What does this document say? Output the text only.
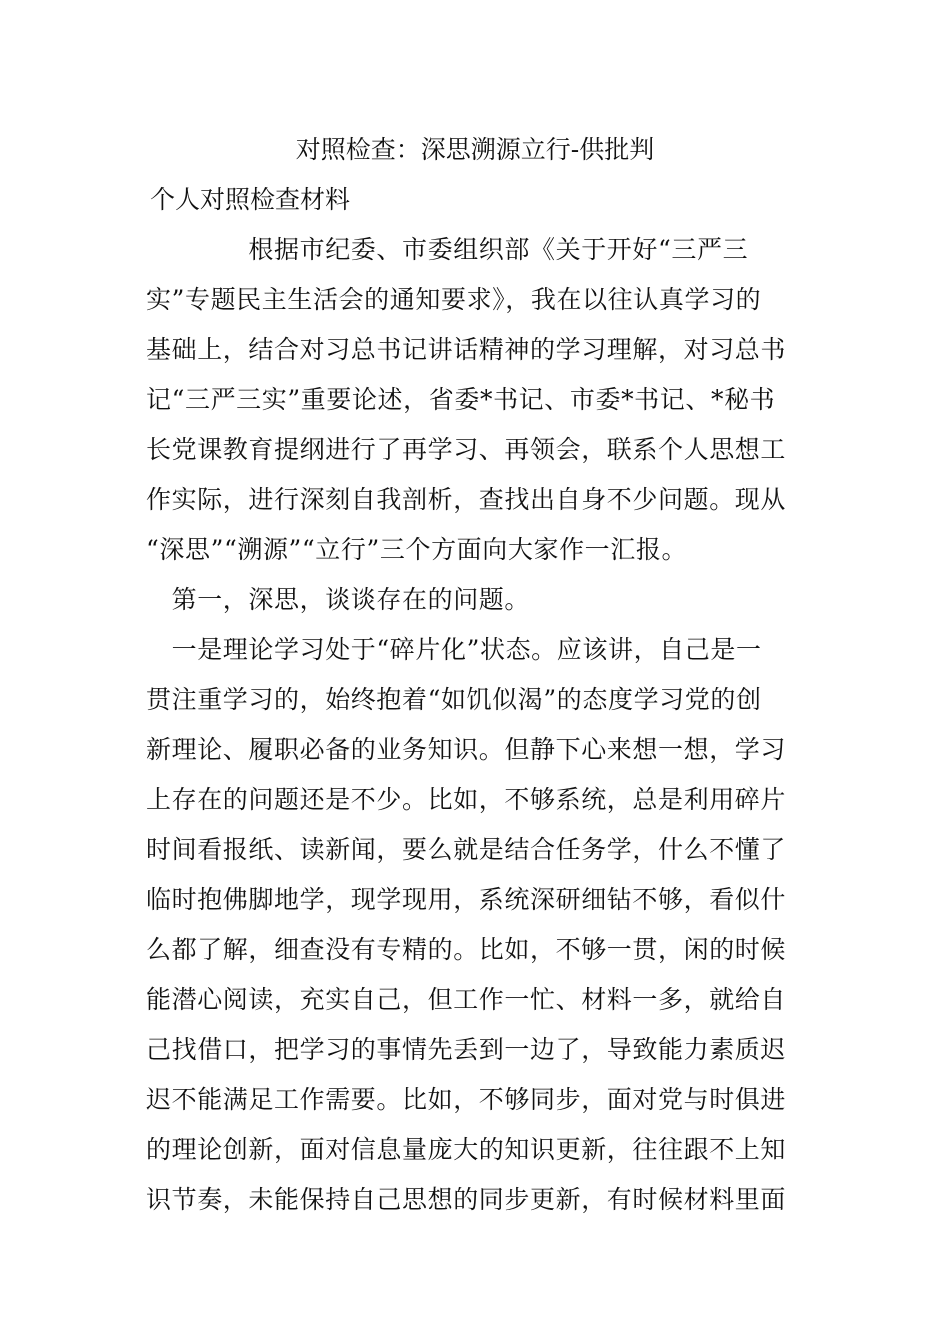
对照检查：深思溯源立行-供批判
个人对照检查材料
　　　　根据市纪委、市委组织部《关于开好“三严三
实”专题民主生活会的通知要求》，我在以往认真学习的
基础上，结合对习总书记讲话精神的学习理解，对习总书
记“三严三实”重要论述，省委*书记、市委*书记、*秘书
长党课教育提纲进行了再学习、再领会，联系个人思想工
作实际，进行深刻自我剖析，查找出自身不少问题。现从
“深思”“溯源”“立行”三个方面向大家作一汇报。
　第一，深思，谈谈存在的问题。
　一是理论学习处于“碎片化”状态。应该讲，自己是一
贯注重学习的，始终抱着“如饥似渴”的态度学习党的创
新理论、履职必备的业务知识。但静下心来想一想，学习
上存在的问题还是不少。比如，不够系统，总是利用碎片
时间看报纸、读新闻，要么就是结合任务学，什么不懂了
临时抱佛脚地学，现学现用，系统深研细钻不够，看似什
么都了解，细查没有专精的。比如，不够一贯，闲的时候
能潜心阅读，充实自己，但工作一忙、材料一多，就给自
己找借口，把学习的事情先丢到一边了，导致能力素质迟
迟不能满足工作需要。比如，不够同步，面对党与时俱进
的理论创新，面对信息量庞大的知识更新，往往跟不上知
识节奏，未能保持自己思想的同步更新，有时候材料里面
